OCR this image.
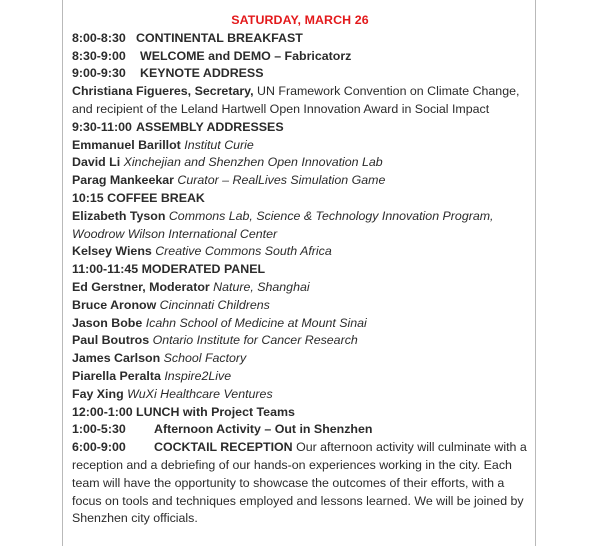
SATURDAY, MARCH 26
8:00-8:30 CONTINENTAL BREAKFAST
8:30-9:00 WELCOME and DEMO – Fabricatorz
9:00-9:30 KEYNOTE ADDRESS
Christiana Figueres, Secretary, UN Framework Convention on Climate Change,
and recipient of the Leland Hartwell Open Innovation Award in Social Impact
9:30-11:00 ASSEMBLY ADDRESSES
Emmanuel Barillot Institut Curie
David Li Xinchejian and Shenzhen Open Innovation Lab
Parag Mankeekar Curator – RealLives Simulation Game
10:15 COFFEE BREAK
Elizabeth Tyson Commons Lab, Science & Technology Innovation Program,
Woodrow Wilson International Center
Kelsey Wiens Creative Commons South Africa
11:00-11:45 MODERATED PANEL
Ed Gerstner, Moderator Nature, Shanghai
Bruce Aronow Cincinnati Childrens
Jason Bobe Icahn School of Medicine at Mount Sinai
Paul Boutros Ontario Institute for Cancer Research
James Carlson School Factory
Piarella Peralta Inspire2Live
Fay Xing WuXi Healthcare Ventures
12:00-1:00 LUNCH with Project Teams
1:00-5:30 Afternoon Activity – Out in Shenzhen
6:00-9:00 COCKTAIL RECEPTION Our afternoon activity will culminate with a reception and a debriefing of our hands-on experiences working in the city. Each team will have the opportunity to showcase the outcomes of their efforts, with a focus on tools and techniques employed and lessons learned. We will be joined by Shenzhen city officials.
